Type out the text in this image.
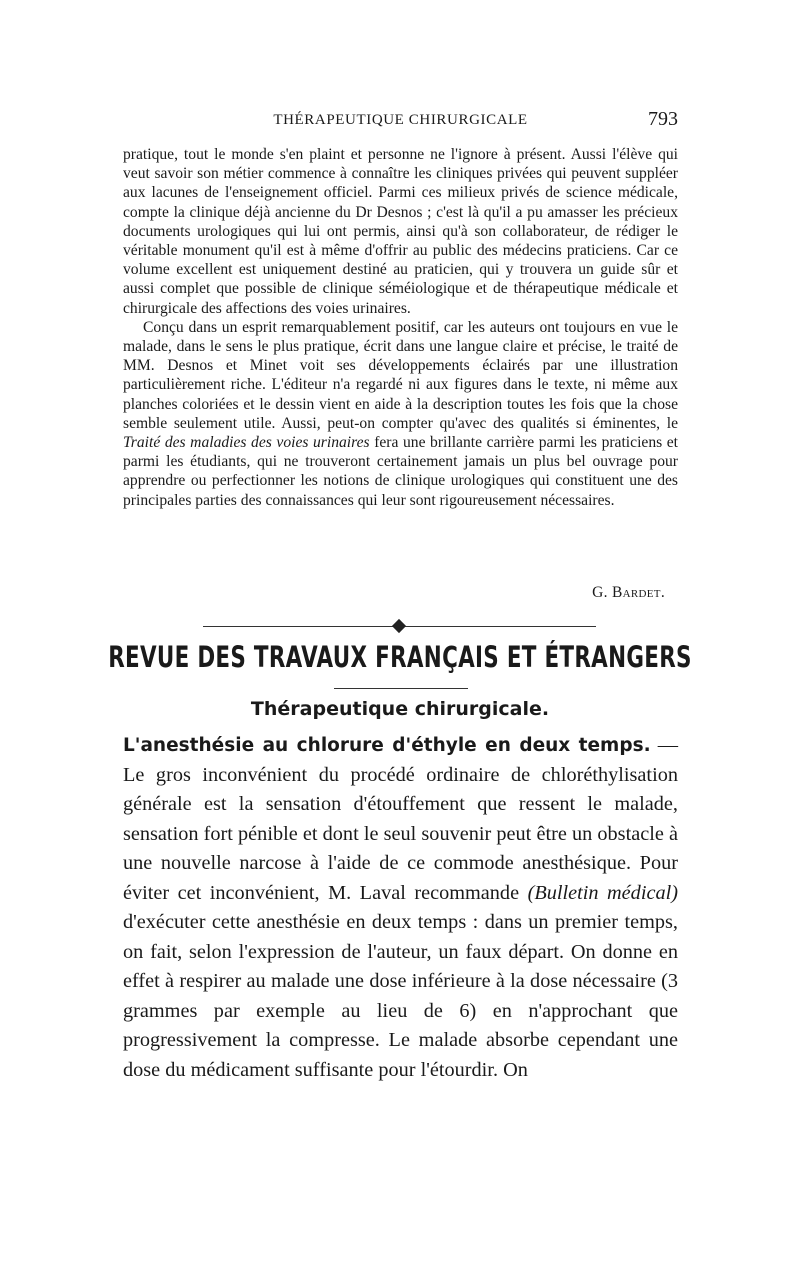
THÉRAPEUTIQUE CHIRURGICALE	793

pratique, tout le monde s'en plaint et personne ne l'ignore à présent. Aussi l'élève qui veut savoir son métier commence à connaître les cliniques privées qui peuvent suppléer aux lacunes de l'enseignement officiel. Parmi ces milieux privés de science médicale, compte la clinique déjà ancienne du Dr Desnos ; c'est là qu'il a pu amasser les précieux documents urologiques qui lui ont permis, ainsi qu'à son collaborateur, de rédiger le véritable monument qu'il est à même d'offrir au public des médecins praticiens. Car ce volume excellent est uniquement destiné au praticien, qui y trouvera un guide sûr et aussi complet que possible de clinique séméiologique et de thérapeutique médicale et chirurgicale des affections des voies urinaires.

Conçu dans un esprit remarquablement positif, car les auteurs ont toujours en vue le malade, dans le sens le plus pratique, écrit dans une langue claire et précise, le traité de MM. Desnos et Minet voit ses développements éclairés par une illustration particulièrement riche. L'éditeur n'a regardé ni aux figures dans le texte, ni même aux planches coloriées et le dessin vient en aide à la description toutes les fois que la chose semble seulement utile. Aussi, peut-on compter qu'avec des qualités si éminentes, le Traité des maladies des voies urinaires fera une brillante carrière parmi les praticiens et parmi les étudiants, qui ne trouveront certainement jamais un plus bel ouvrage pour apprendre ou perfectionner les notions de clinique urologiques qui constituent une des principales parties des connaissances qui leur sont rigoureusement nécessaires.

G. Bardet.
REVUE DES TRAVAUX FRANÇAIS ET ÉTRANGERS
Thérapeutique chirurgicale.

L'anesthésie au chlorure d'éthyle en deux temps. — Le gros inconvénient du procédé ordinaire de chloréthylisation générale est la sensation d'étouffement que ressent le malade, sensation fort pénible et dont le seul souvenir peut être un obstacle à une nouvelle narcose à l'aide de ce commode anesthésique. Pour éviter cet inconvénient, M. Laval recommande (Bulletin médical) d'exécuter cette anesthésie en deux temps : dans un premier temps, on fait, selon l'expression de l'auteur, un faux départ. On donne en effet à respirer au malade une dose inférieure à la dose nécessaire (3 grammes par exemple au lieu de 6) en n'approchant que progressivement la compresse. Le malade absorbe cependant une dose du médicament suffisante pour l'étourdir. On
